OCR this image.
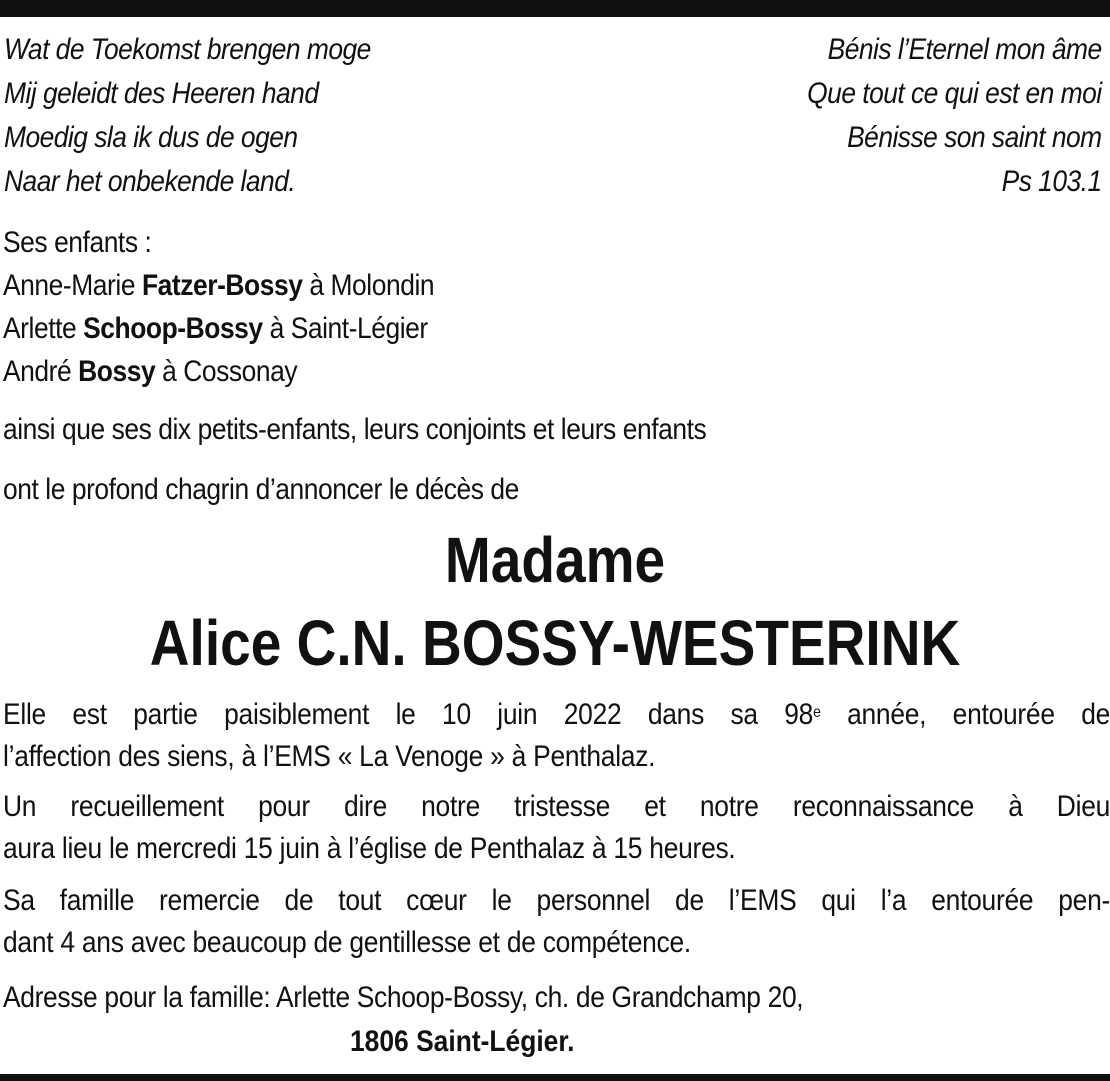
Wat de Toekomst brengen moge
Mij geleidt des Heeren hand
Moedig sla ik dus de ogen
Naar het onbekende land.
Bénis l’Eternel mon âme
Que tout ce qui est en moi
Bénisse son saint nom
Ps 103.1
Ses enfants :
Anne-Marie Fatzer-Bossy à Molondin
Arlette Schoop-Bossy à Saint-Légier
André Bossy à Cossonay
ainsi que ses dix petits-enfants, leurs conjoints et leurs enfants
ont le profond chagrin d’annoncer le décès de
Madame
Alice C.N. BOSSY-WESTERINK
Elle est partie paisiblement le 10 juin 2022 dans sa 98e année, entourée de
l’affection des siens, à l’EMS « La Venoge » à Penthalaz.
Un recueillement pour dire notre tristesse et notre reconnaissance à Dieu
aura lieu le mercredi 15 juin à l’église de Penthalaz à 15 heures.
Sa famille remercie de tout cœur le personnel de l’EMS qui l’a entourée pen-
dant 4 ans avec beaucoup de gentillesse et de compétence.
Adresse pour la famille: Arlette Schoop-Bossy, ch. de Grandchamp 20,
1806 Saint-Légier.
